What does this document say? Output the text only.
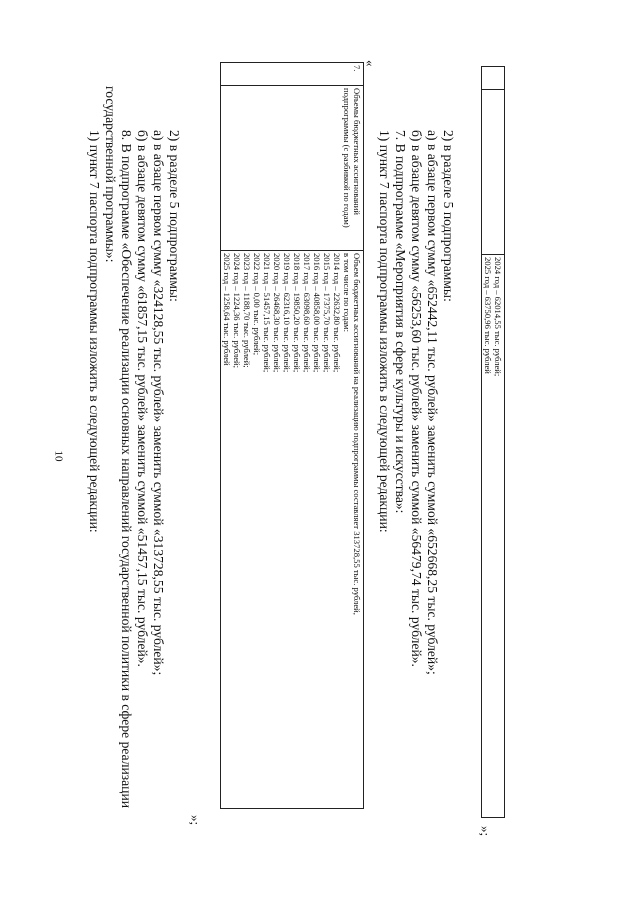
10

2024 год – 62014,55 тыс. рублей;
2025 год – 63750,96 тыс. рублей
»;
2) в разделе 5 подпрограммы:
а) в абзаце первом сумму «652442,11 тыс. рублей» заменить суммой «652668,25 тыс. рублей»;
б) в абзаце девятом сумму «56253,60 тыс. рублей» заменить суммой «56479,74 тыс. рублей».
7. В подпрограмме «Мероприятия в сфере культуры и искусства»:
1) пункт 7 паспорта подпрограммы изложить в следующей редакции:
«
7.	Объемы бюджетных ассигнований подпрограммы (с разбивкой по годам)	
Объем бюджетных ассигнований на реализацию подпрограммы составляет 313728,55 тыс. рублей,
в том числе по годам:
2014 год – 22632,80 тыс. рублей;
2015 год – 17375,70 тыс. рублей;
2016 год – 40858,00 тыс. рублей;
2017 год – 63098,60 тыс. рублей;
2018 год – 19850,20 тыс. рублей;
2019 год – 62316,10 тыс. рублей;
2020 год – 26468,30 тыс. рублей;
2021 год – 51457,15 тыс. рублей;
2022 год – 0,00 тыс. рублей;
2023 год – 1188,70 тыс. рублей;
2024 год – 1224,36 тыс. рублей;
2025 год – 1258,64 тыс. рублей
»;
2) в разделе 5 подпрограммы:
а) в абзаце первом сумму «324128,55 тыс. рублей» заменить суммой «313728,55 тыс. рублей»;
б) в абзаце девятом сумму «61857,15 тыс. рублей» заменить суммой «51457,15 тыс. рублей».
8. В подпрограмме «Обеспечение реализации основных направлений государственной политики в сфере реализации
государственной программы»:
1) пункт 7 паспорта подпрограммы изложить в следующей редакции:
